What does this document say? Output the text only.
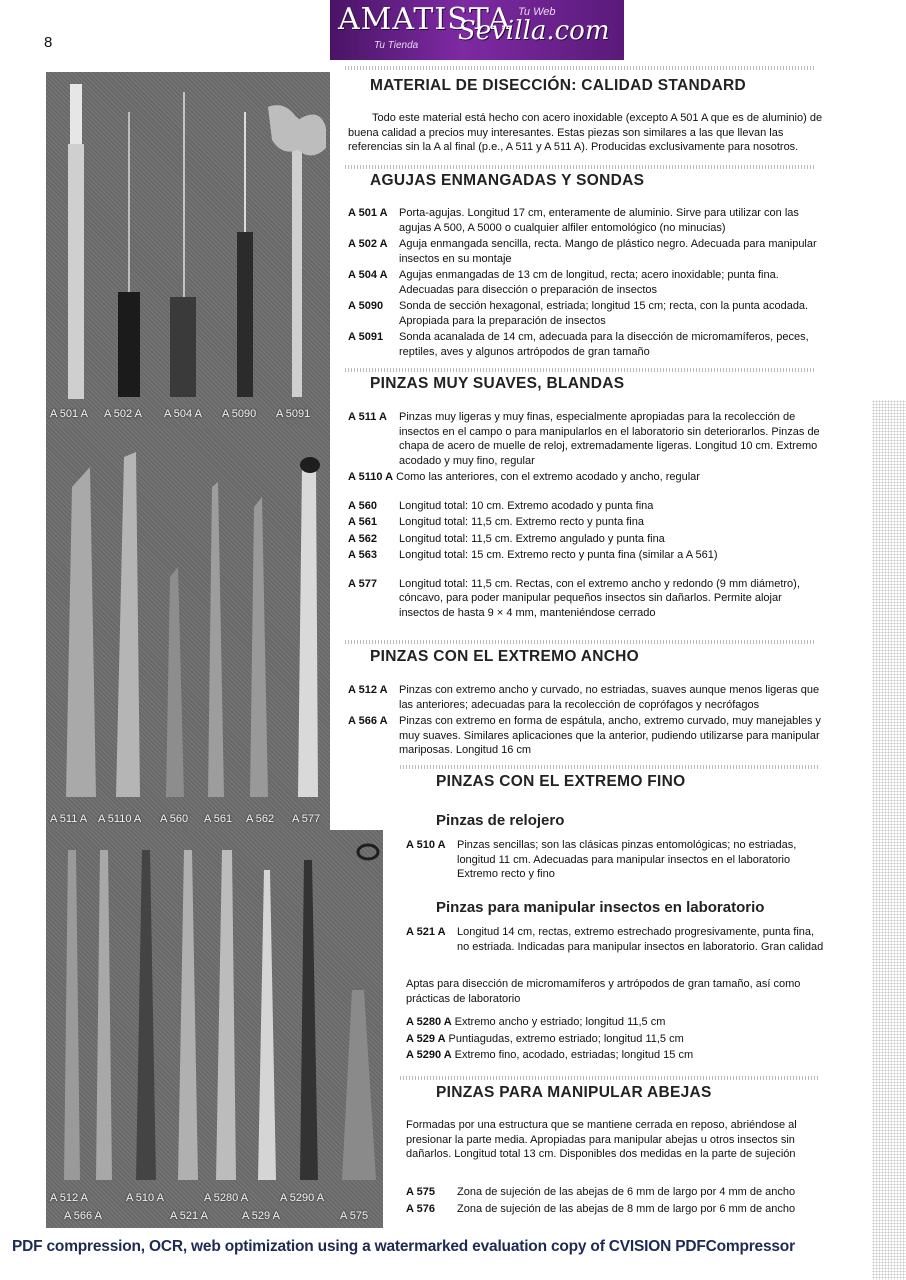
8
AMATISTA Tu Web
Sevilla.com
Tu Tienda
A 501 A A 502 A A 504 A A 5090 A 5091
A 511 A A 5110 A A 560 A 561 A 562 A 577
A 512 A	A 510 A	A 5280 A	A 5290 A
A 566 A	A 521 A	A 529 A	A 575
MATERIAL DE DISECCIÓN: CALIDAD STANDARD
Todo este material está hecho con acero inoxidable (excepto A 501 A que es de aluminio) de buena calidad a precios muy interesantes. Estas piezas son similares a las que llevan las referencias sin la A al final (p.e., A 511 y A 511 A). Producidas exclusivamente para nosotros.
AGUJAS ENMANGADAS Y SONDAS
A 501 A	Porta-agujas. Longitud 17 cm, enteramente de aluminio. Sirve para utilizar con las agujas A 500, A 5000 o cualquier alfiler entomológico (no minucias)
A 502 A	Aguja enmangada sencilla, recta. Mango de plástico negro. Adecuada para manipular insectos en su montaje
A 504 A	Agujas enmangadas de 13 cm de longitud, recta; acero inoxidable; punta fina. Adecuadas para disección o preparación de insectos
A 5090	Sonda de sección hexagonal, estriada; longitud 15 cm; recta, con la punta acodada. Apropiada para la preparación de insectos
A 5091	Sonda acanalada de 14 cm, adecuada para la disección de micromamíferos, peces, reptiles, aves y algunos artrópodos de gran tamaño
PINZAS MUY SUAVES, BLANDAS
A 511 A	Pinzas muy ligeras y muy finas, especialmente apropiadas para la recolección de insectos en el campo o para manipularlos en el laboratorio sin deteriorarlos. Pinzas de chapa de acero de muelle de reloj, extremadamente ligeras. Longitud 10 cm. Extremo acodado y muy fino, regular
A 5110 A Como las anteriores, con el extremo acodado y ancho, regular
A 560	Longitud total: 10 cm. Extremo acodado y punta fina
A 561	Longitud total: 11,5 cm. Extremo recto y punta fina
A 562	Longitud total: 11,5 cm. Extremo angulado y punta fina
A 563	Longitud total: 15 cm. Extremo recto y punta fina (similar a A 561)
A 577	Longitud total: 11,5 cm. Rectas, con el extremo ancho y redondo (9 mm diámetro), cóncavo, para poder manipular pequeños insectos sin dañarlos. Permite alojar insectos de hasta 9 × 4 mm, manteniéndose cerrado
PINZAS CON EL EXTREMO ANCHO
A 512 A	Pinzas con extremo ancho y curvado, no estriadas, suaves aunque menos ligeras que las anteriores; adecuadas para la recolección de coprófagos y necrófagos
A 566 A	Pinzas con extremo en forma de espátula, ancho, extremo curvado, muy manejables y muy suaves. Similares aplicaciones que la anterior, pudiendo utilizarse para manipular mariposas. Longitud 16 cm
PINZAS CON EL EXTREMO FINO
Pinzas de relojero
A 510 A	Pinzas sencillas; son las clásicas pinzas entomológicas; no estriadas, longitud 11 cm. Adecuadas para manipular insectos en el laboratorio Extremo recto y fino
Pinzas para manipular insectos en laboratorio
A 521 A	Longitud 14 cm, rectas, extremo estrechado progresivamente, punta fina, no estriada. Indicadas para manipular insectos en laboratorio. Gran calidad
Aptas para disección de micromamíferos y artrópodos de gran tamaño, así como prácticas de laboratorio
A 5280 A Extremo ancho y estriado; longitud 11,5 cm
A 529 A Puntiagudas, extremo estriado; longitud 11,5 cm
A 5290 A Extremo fino, acodado, estriadas; longitud 15 cm
PINZAS PARA MANIPULAR ABEJAS
Formadas por una estructura que se mantiene cerrada en reposo, abriéndose al presionar la parte media. Apropiadas para manipular abejas u otros insectos sin dañarlos. Longitud total 13 cm. Disponibles dos medidas en la parte de sujeción
A 575	Zona de sujeción de las abejas de 6 mm de largo por 4 mm de ancho
A 576	Zona de sujeción de las abejas de 8 mm de largo por 6 mm de ancho
PDF compression, OCR, web optimization using a watermarked evaluation copy of CVISION PDFCompressor
